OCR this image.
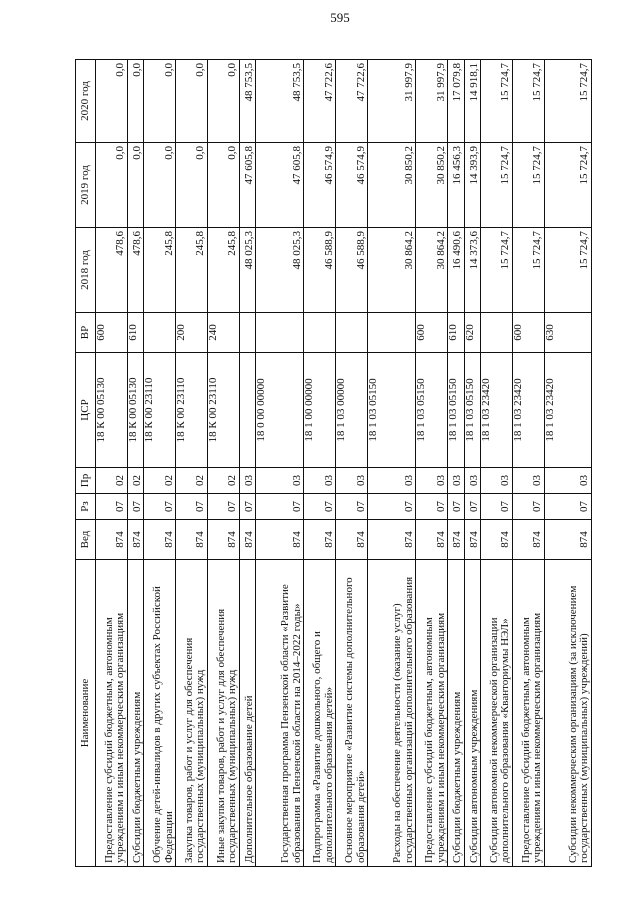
595
Наименование	Вед	Рз	Пр	ЦСР	ВР	2018 год	2019 год	2020 год
Предоставление субсидий бюджетным, автономным учреждениям и иным некоммерческим организациям	874	07	02	18 К 00 05130	600	478,6	0,0	0,0
Субсидии бюджетным учреждениям	874	07	02	18 К 00 05130	610	478,6	0,0	0,0
Обучение детей-инвалидов в других субъектах Российской Федерации	874	07	02	18 К 00 23110		245,8	0,0	0,0
Закупка товаров, работ и услуг для обеспечения государственных (муниципальных) нужд	874	07	02	18 К 00 23110	200	245,8	0,0	0,0
Иные закупки товаров, работ и услуг для обеспечения государственных (муниципальных) нужд	874	07	02	18 К 00 23110	240	245,8	0,0	0,0
Дополнительное образование детей	874	07	03			48 025,3	47 605,8	48 753,5
Государственная программа Пензенской области «Развитие образования в Пензенской области на 2014–2022 годы»	874	07	03	18 0 00 00000		48 025,3	47 605,8	48 753,5
Подпрограмма «Развитие дошкольного, общего и дополнительного образования детей»	874	07	03	18 1 00 00000		46 588,9	46 574,9	47 722,6
Основное мероприятие «Развитие системы дополнительного образования детей»	874	07	03	18 1 03 00000		46 588,9	46 574,9	47 722,6
Расходы на обеспечение деятельности (оказание услуг) государственных организаций дополнительного образования	874	07	03	18 1 03 05150		30 864,2	30 850,2	31 997,9
Предоставление субсидий бюджетным, автономным учреждениям и иным некоммерческим организациям	874	07	03	18 1 03 05150	600	30 864,2	30 850,2	31 997,9
Субсидии бюджетным учреждениям	874	07	03	18 1 03 05150	610	16 490,6	16 456,3	17 079,8
Субсидии автономным учреждениям	874	07	03	18 1 03 05150	620	14 373,6	14 393,9	14 918,1
Субсидии автономной некоммерческой организации дополнительного образования «Кванториумы НЭЛ»	874	07	03	18 1 03 23420		15 724,7	15 724,7	15 724,7
Предоставление субсидий бюджетным, автономным учреждениям и иным некоммерческим организациям	874	07	03	18 1 03 23420	600	15 724,7	15 724,7	15 724,7
Субсидии некоммерческим организациям (за исключением государственных (муниципальных) учреждений)	874	07	03	18 1 03 23420	630	15 724,7	15 724,7	15 724,7
